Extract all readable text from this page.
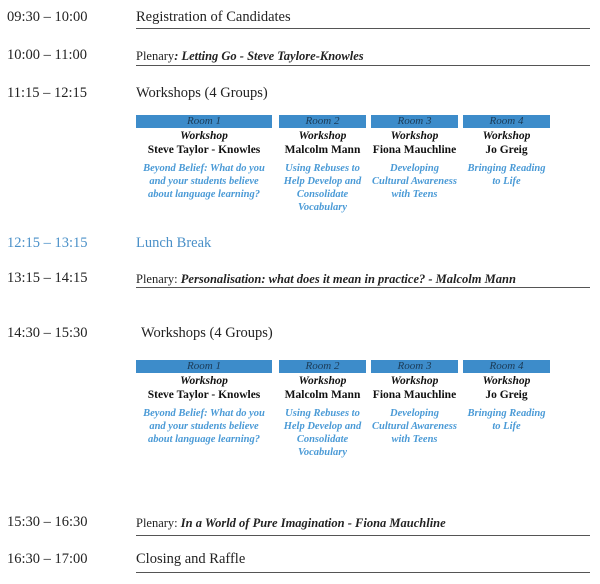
09:30 – 10:00	Registration of Candidates
10:00 – 11:00	Plenary: Letting Go - Steve Taylore-Knowles
11:15 – 12:15	Workshops (4 Groups)
Room 1
Workshop
Steve Taylor - Knowles
Beyond Belief: What do you and your students believe about language learning?
Room 2
Workshop
Malcolm Mann
Using Rebuses to Help Develop and Consolidate Vocabulary
Room 3
Workshop
Fiona Mauchline
Developing Cultural Awareness with Teens
Room 4
Workshop
Jo Greig
Bringing Reading to Life
12:15 – 13:15	Lunch Break
13:15 – 14:15	Plenary: Personalisation: what does it mean in practice? - Malcolm Mann
14:30 – 15:30	Workshops (4 Groups)
Room 1
Workshop
Steve Taylor - Knowles
Beyond Belief: What do you and your students believe about language learning?
Room 2
Workshop
Malcolm Mann
Using Rebuses to Help Develop and Consolidate Vocabulary
Room 3
Workshop
Fiona Mauchline
Developing Cultural Awareness with Teens
Room 4
Workshop
Jo Greig
Bringing Reading to Life
15:30 – 16:30	Plenary: In a World of Pure Imagination - Fiona Mauchline
16:30 – 17:00	Closing and Raffle
